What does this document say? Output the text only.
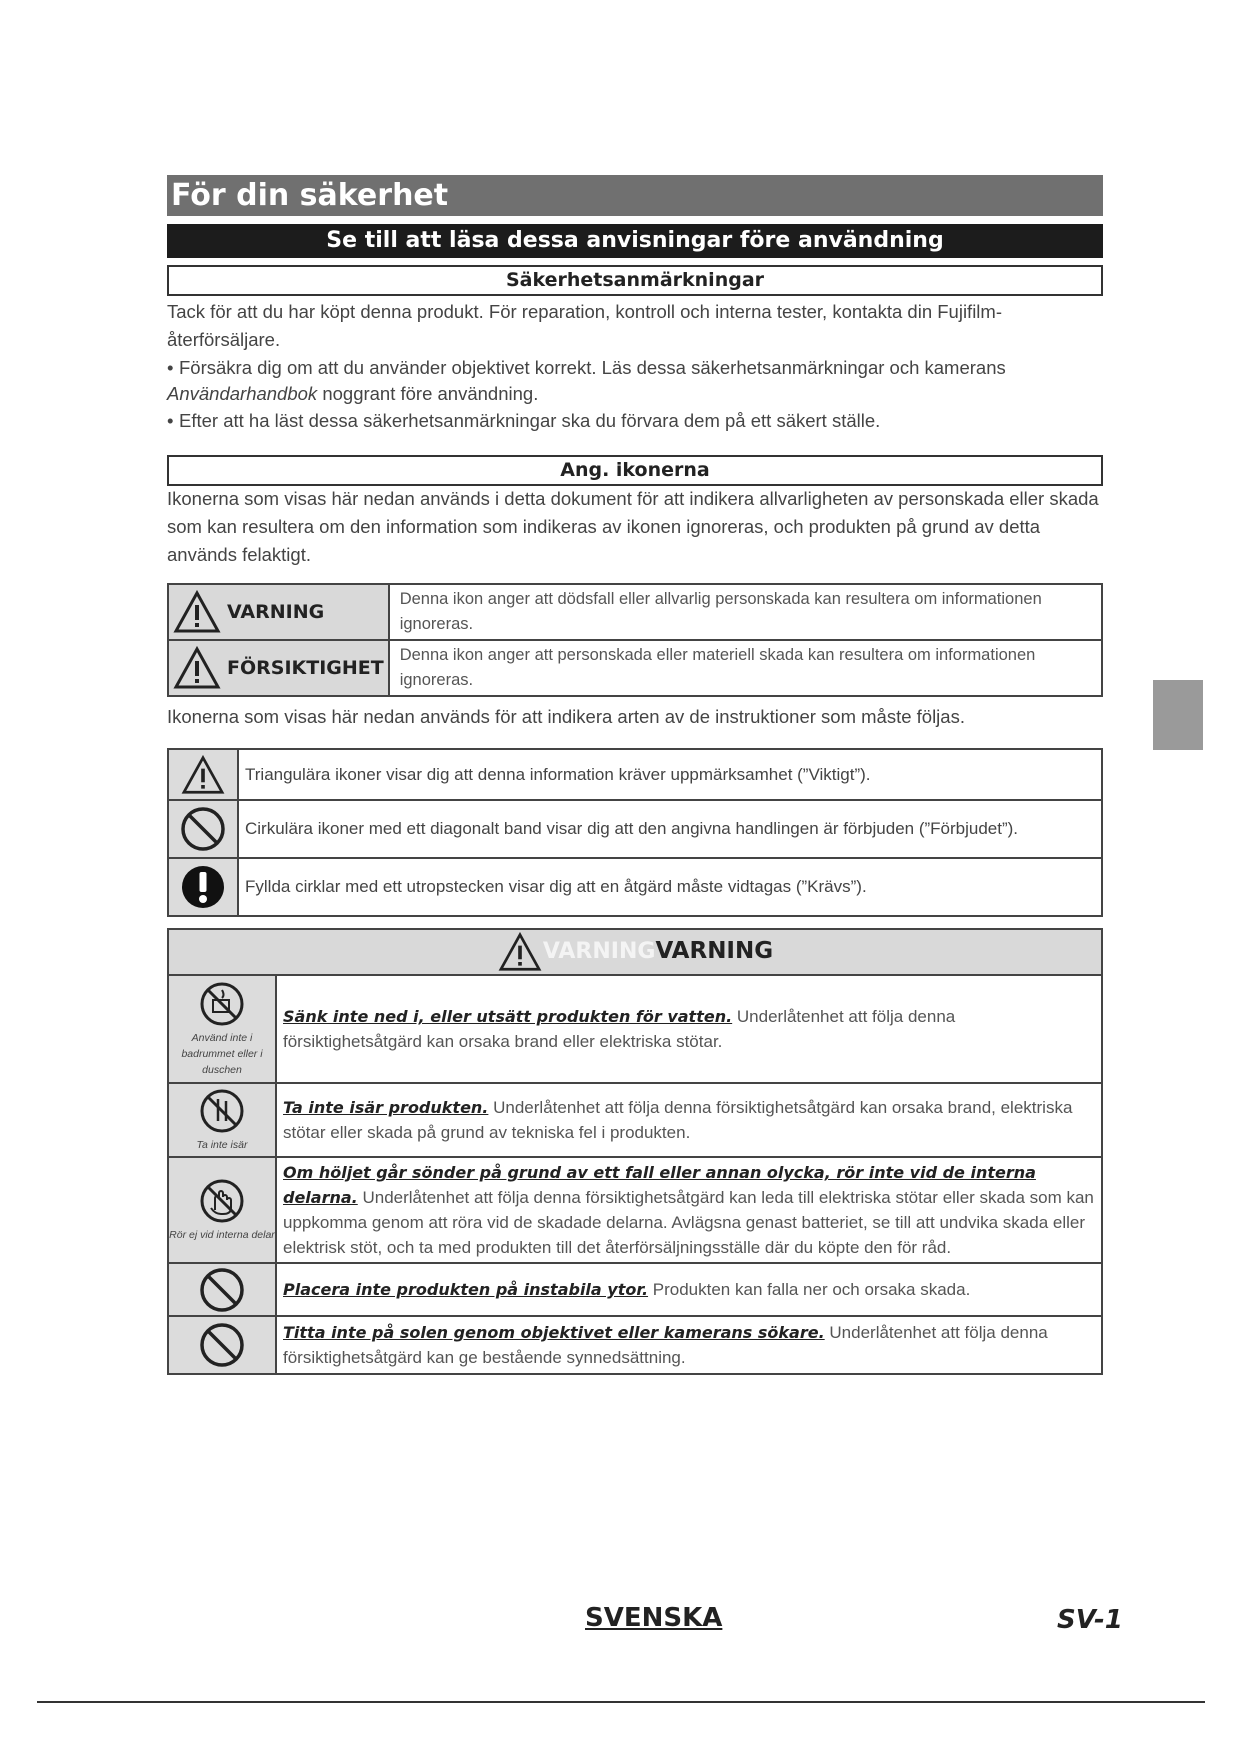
För din säkerhet
Se till att läsa dessa anvisningar före användning
Säkerhetsanmärkningar

Tack för att du har köpt denna produkt. För reparation, kontroll och interna tester, kontakta din Fujifilm-återförsäljare.

• Försäkra dig om att du använder objektivet korrekt. Läs dessa säkerhetsanmärkningar och kamerans Användarhandbok noggrant före användning.
• Efter att ha läst dessa säkerhetsanmärkningar ska du förvara dem på ett säkert ställe.
Ang. ikonerna

Ikonerna som visas här nedan används i detta dokument för att indikera allvarligheten av personskada eller skada som kan resultera om den information som indikeras av ikonen ignoreras, och produkten på grund av detta används felaktigt.

VARNING	Denna ikon anger att dödsfall eller allvarlig personskada kan resultera om informationen ignoreras.

FÖRSIKTIGHET	Denna ikon anger att personskada eller materiell skada kan resultera om informationen ignoreras.

Ikonerna som visas här nedan används för att indikera arten av de instruktioner som måste följas.

	Triangulära ikoner visar dig att denna information kräver uppmärksamhet (”Viktigt”).
	Cirkulära ikoner med ett diagonalt band visar dig att den angivna handlingen är förbjuden (”Förbjudet”).
	Fyllda cirklar med ett utropstecken visar dig att en åtgärd måste vidtagas (”Krävs”).
VARNINGVARNING	

Använd inte i badrummet eller i duschen	Sänk inte ned i, eller utsätt produkten för vatten. Underlåtenhet att följa denna försiktighetsåtgärd kan orsaka brand eller elektriska stötar.

Ta inte isär	Ta inte isär produkten. Underlåtenhet att följa denna försiktighetsåtgärd kan orsaka brand, elektriska stötar eller skada på grund av tekniska fel i produkten.

Rör ej vid interna delar	Om höljet går sönder på grund av ett fall eller annan olycka, rör inte vid de interna delarna. Underlåtenhet att följa denna försiktighetsåtgärd kan leda till elektriska stötar eller skada som kan uppkomma genom att röra vid de skadade delarna. Avlägsna genast batteriet, se till att undvika skada eller elektrisk stöt, och ta med produkten till det återförsäljningsställe där du köpte den för råd.
	Placera inte produkten på instabila ytor. Produkten kan falla ner och orsaka skada.
	Titta inte på solen genom objektivet eller kamerans sökare. Underlåtenhet att följa denna försiktighetsåtgärd kan ge bestående synnedsättning.
SVENSKA	SV-1
